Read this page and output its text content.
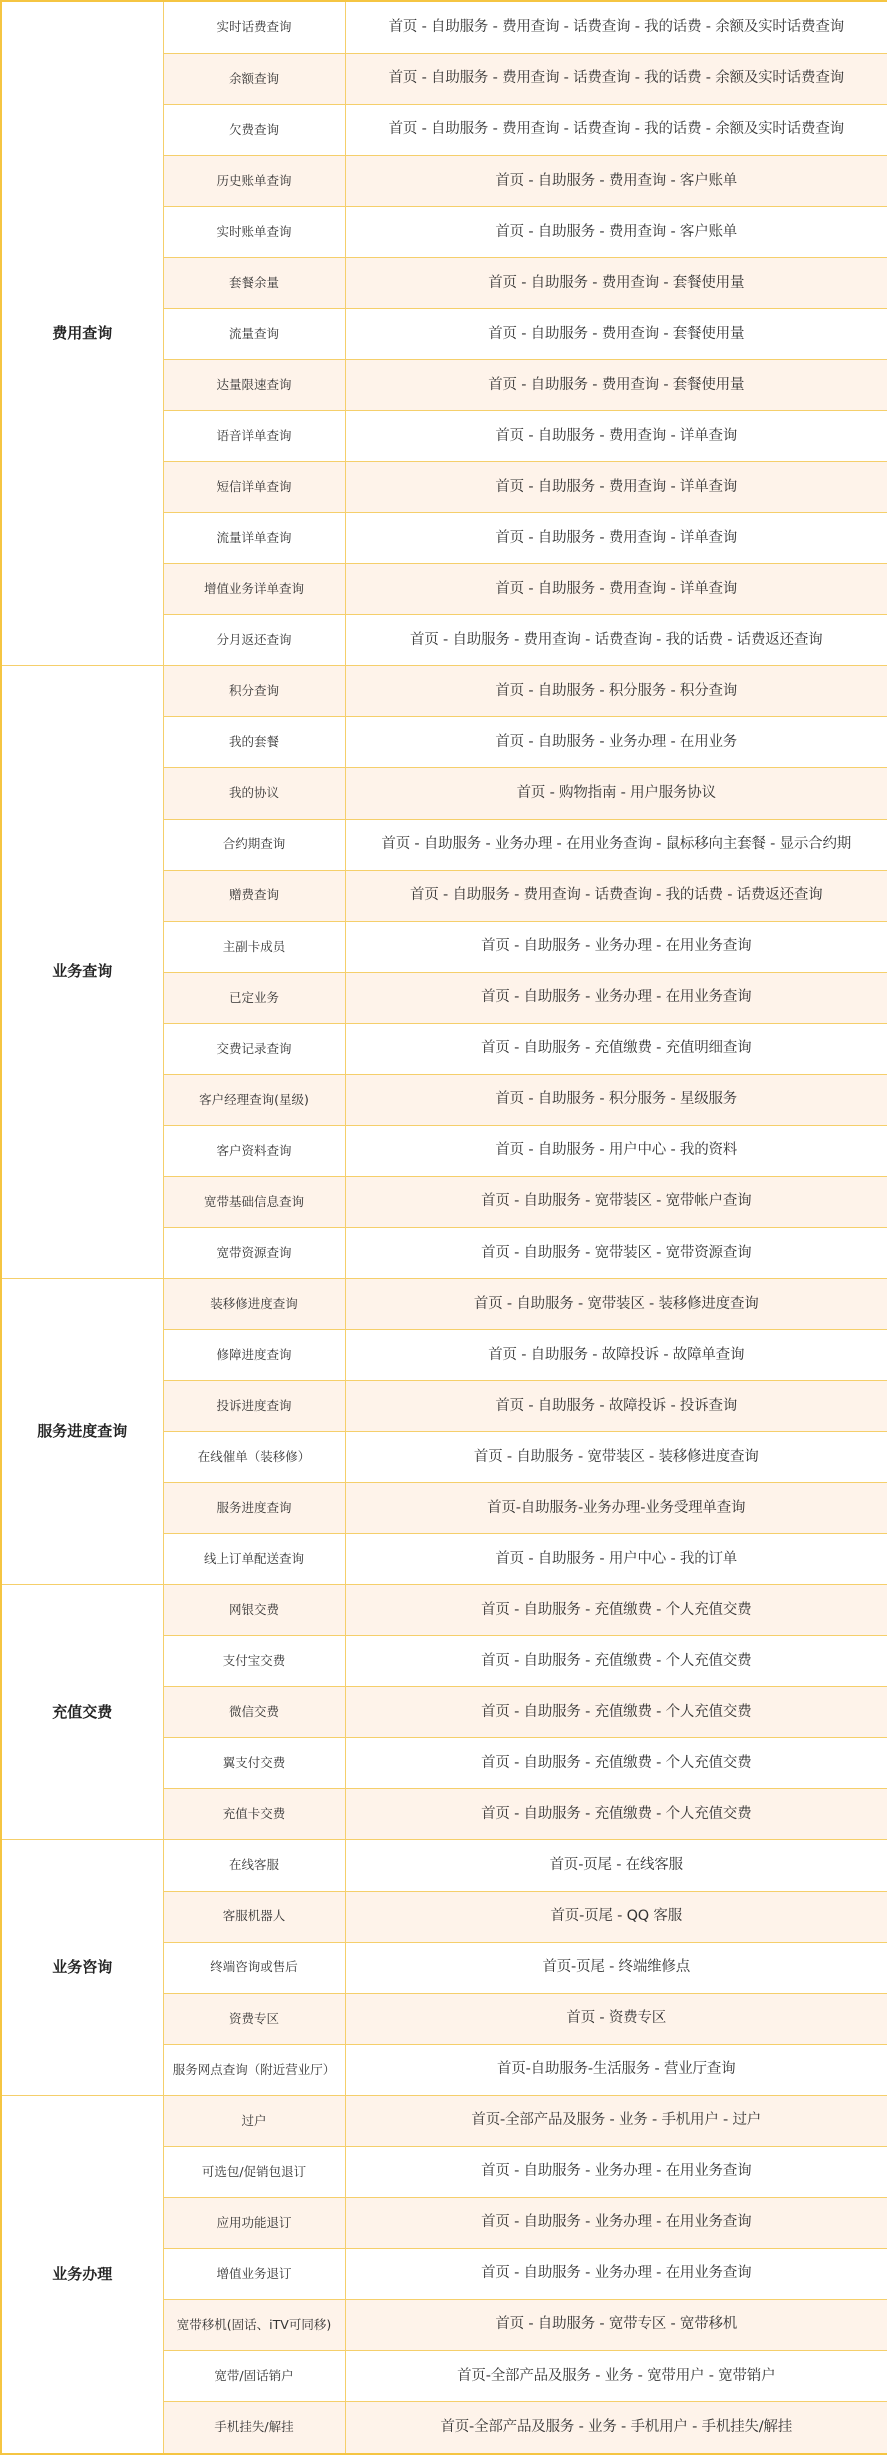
费用查询	实时话费查询	首页 - 自助服务 - 费用查询 - 话费查询 - 我的话费 - 余额及实时话费查询
	余额查询	首页 - 自助服务 - 费用查询 - 话费查询 - 我的话费 - 余额及实时话费查询
	欠费查询	首页 - 自助服务 - 费用查询 - 话费查询 - 我的话费 - 余额及实时话费查询
	历史账单查询	首页 - 自助服务 - 费用查询 - 客户账单
	实时账单查询	首页 - 自助服务 - 费用查询 - 客户账单
	套餐余量	首页 - 自助服务 - 费用查询 - 套餐使用量
	流量查询	首页 - 自助服务 - 费用查询 - 套餐使用量
	达量限速查询	首页 - 自助服务 - 费用查询 - 套餐使用量
	语音详单查询	首页 - 自助服务 - 费用查询 - 详单查询
	短信详单查询	首页 - 自助服务 - 费用查询 - 详单查询
	流量详单查询	首页 - 自助服务 - 费用查询 - 详单查询
	增值业务详单查询	首页 - 自助服务 - 费用查询 - 详单查询
	分月返还查询	首页 - 自助服务 - 费用查询 - 话费查询 - 我的话费 - 话费返还查询
业务查询	积分查询	首页 - 自助服务 - 积分服务 - 积分查询
	我的套餐	首页 - 自助服务 - 业务办理 - 在用业务
	我的协议	首页 - 购物指南 - 用户服务协议
	合约期查询	首页 - 自助服务 - 业务办理 - 在用业务查询 - 鼠标移向主套餐 - 显示合约期
	赠费查询	首页 - 自助服务 - 费用查询 - 话费查询 - 我的话费 - 话费返还查询
	主副卡成员	首页 - 自助服务 - 业务办理 - 在用业务查询
	已定业务	首页 - 自助服务 - 业务办理 - 在用业务查询
	交费记录查询	首页 - 自助服务 - 充值缴费 - 充值明细查询
	客户经理查询(星级)	首页 - 自助服务 - 积分服务 - 星级服务
	客户资料查询	首页 - 自助服务 - 用户中心 - 我的资料
	宽带基础信息查询	首页 - 自助服务 - 宽带装区 - 宽带帐户查询
	宽带资源查询	首页 - 自助服务 - 宽带装区 - 宽带资源查询
服务进度查询	装移修进度查询	首页 - 自助服务 - 宽带装区 - 装移修进度查询
	修障进度查询	首页 - 自助服务 - 故障投诉 - 故障单查询
	投诉进度查询	首页 - 自助服务 - 故障投诉 - 投诉查询
	在线催单（装移修）	首页 - 自助服务 - 宽带装区 - 装移修进度查询
	服务进度查询	首页-自助服务-业务办理-业务受理单查询
	线上订单配送查询	首页 - 自助服务 - 用户中心 - 我的订单
充值交费	网银交费	首页 - 自助服务 - 充值缴费 - 个人充值交费
	支付宝交费	首页 - 自助服务 - 充值缴费 - 个人充值交费
	微信交费	首页 - 自助服务 - 充值缴费 - 个人充值交费
	翼支付交费	首页 - 自助服务 - 充值缴费 - 个人充值交费
	充值卡交费	首页 - 自助服务 - 充值缴费 - 个人充值交费
业务咨询	在线客服	首页-页尾 - 在线客服
	客服机器人	首页-页尾 - QQ 客服
	终端咨询或售后	首页-页尾 - 终端维修点
	资费专区	首页 - 资费专区
	服务网点查询（附近营业厅）	首页-自助服务-生活服务 - 营业厅查询
业务办理	过户	首页-全部产品及服务 - 业务 - 手机用户 - 过户
	可选包/促销包退订	首页 - 自助服务 - 业务办理 - 在用业务查询
	应用功能退订	首页 - 自助服务 - 业务办理 - 在用业务查询
	增值业务退订	首页 - 自助服务 - 业务办理 - 在用业务查询
	宽带移机(固话、iTV可同移)	首页 - 自助服务 - 宽带专区 - 宽带移机
	宽带/固话销户	首页-全部产品及服务 - 业务 - 宽带用户 - 宽带销户
	手机挂失/解挂	首页-全部产品及服务 - 业务 - 手机用户 - 手机挂失/解挂
